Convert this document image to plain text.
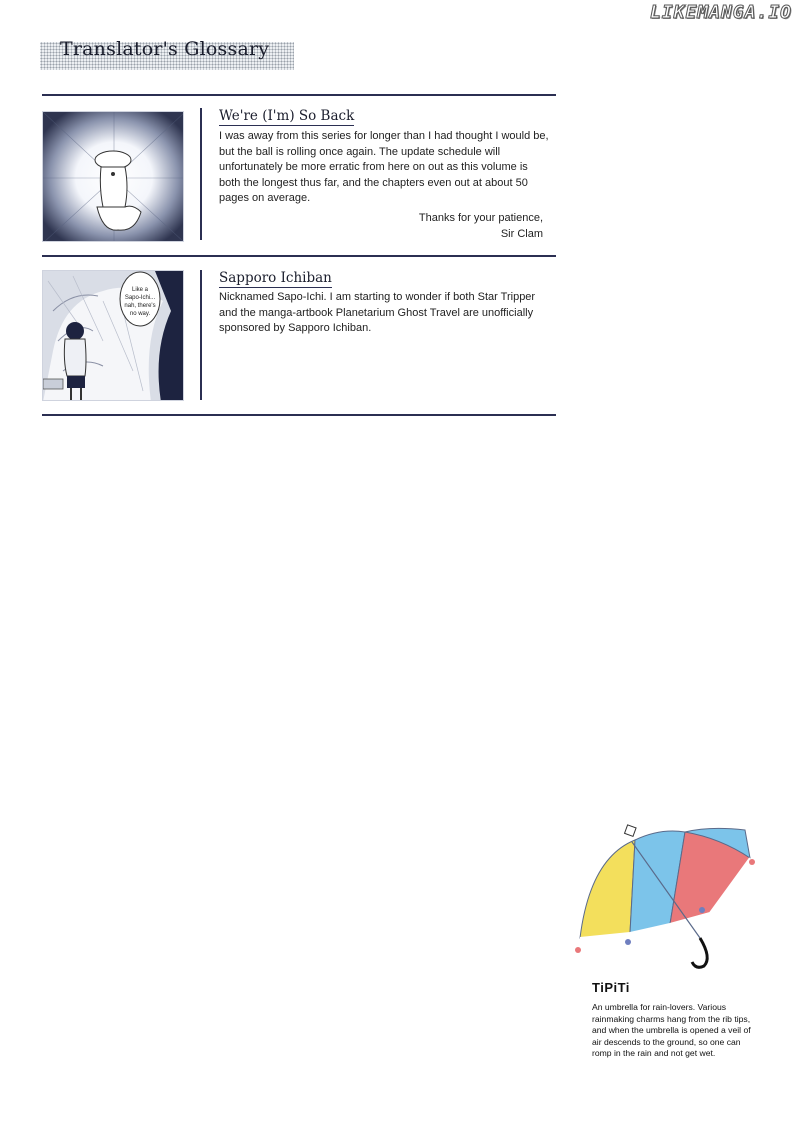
LIKEMANGA.IO
Translator's Glossary
We're (I'm) So Back
I was away from this series for longer than I had thought I would be, but the ball is rolling once again. The update schedule will unfortunately be more erratic from here on out as this volume is both the longest thus far, and the chapters even out at about 50 pages on average.
Thanks for your patience,
Sir Clam
Like a
Sapo-Ichi...
nah, there's
no way.
Sapporo Ichiban
Nicknamed Sapo-Ichi. I am starting to wonder if both Star Tripper and the manga-artbook Planetarium Ghost Travel are unofficially sponsored by Sapporo Ichiban.
TiPiTi
An umbrella for rain-lovers. Various rainmaking charms hang from the rib tips, and when the umbrella is opened a veil of air descends to the ground, so one can romp in the rain and not get wet.
